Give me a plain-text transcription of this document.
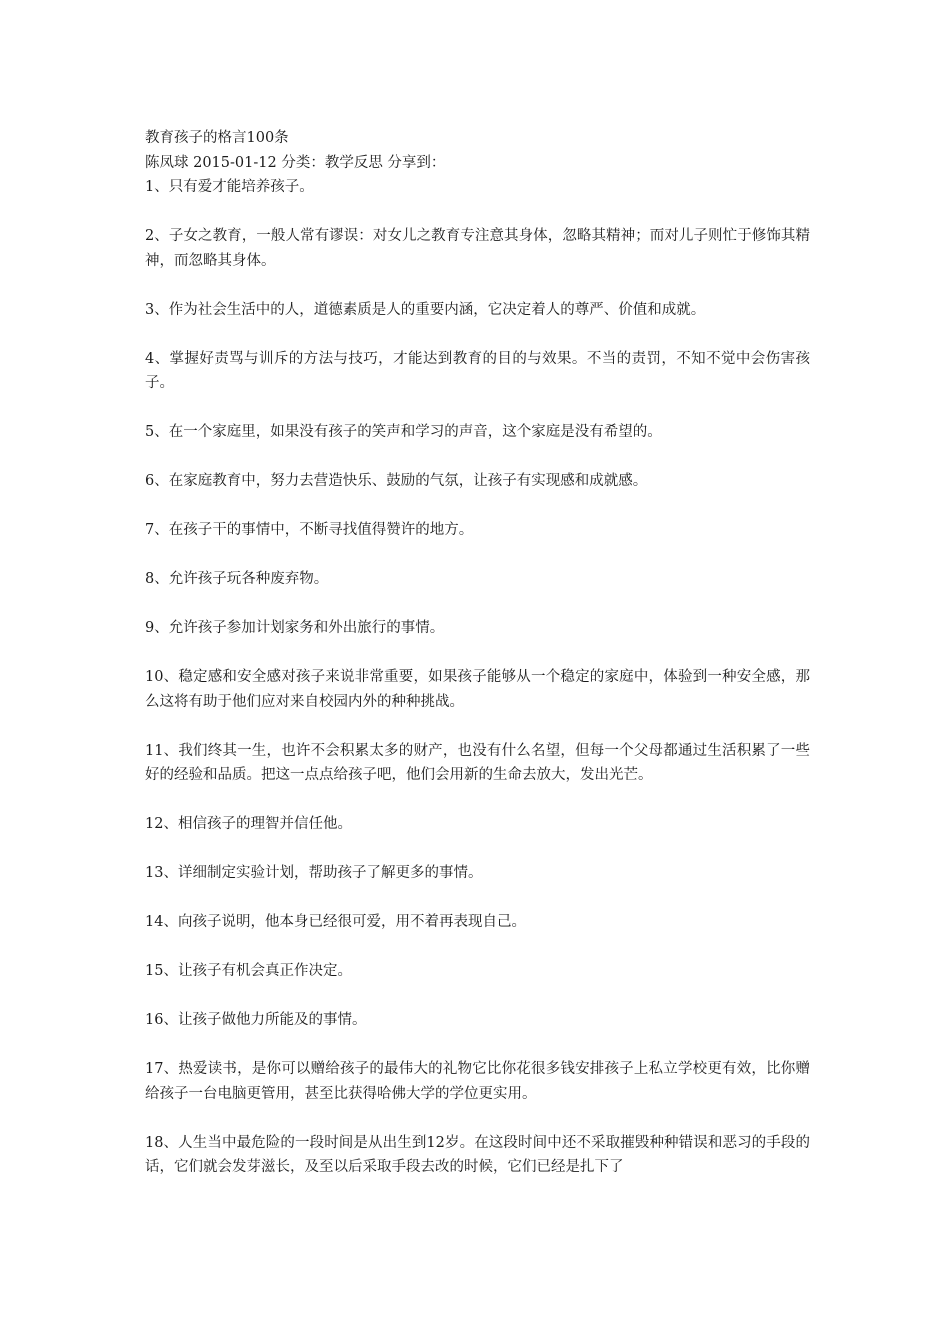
教育孩子的格言100条

陈凤球 2015-01-12 分类：教学反思 分享到：

1、只有爱才能培养孩子。

2、子女之教育，一般人常有谬误：对女儿之教育专注意其身体，忽略其精神；而对儿子则忙于修饰其精神，而忽略其身体。

3、作为社会生活中的人，道德素质是人的重要内涵，它决定着人的尊严、价值和成就。

4、掌握好责骂与训斥的方法与技巧，才能达到教育的目的与效果。不当的责罚，不知不觉中会伤害孩子。

5、在一个家庭里，如果没有孩子的笑声和学习的声音，这个家庭是没有希望的。

6、在家庭教育中，努力去营造快乐、鼓励的气氛，让孩子有实现感和成就感。

7、在孩子干的事情中，不断寻找值得赞许的地方。

8、允许孩子玩各种废弃物。

9、允许孩子参加计划家务和外出旅行的事情。

10、稳定感和安全感对孩子来说非常重要，如果孩子能够从一个稳定的家庭中，体验到一种安全感，那么这将有助于他们应对来自校园内外的种种挑战。

11、我们终其一生，也许不会积累太多的财产，也没有什么名望，但每一个父母都通过生活积累了一些好的经验和品质。把这一点点给孩子吧，他们会用新的生命去放大，发出光芒。

12、相信孩子的理智并信任他。

13、详细制定实验计划，帮助孩子了解更多的事情。

14、向孩子说明，他本身已经很可爱，用不着再表现自己。

15、让孩子有机会真正作决定。

16、让孩子做他力所能及的事情。

17、热爱读书，是你可以赠给孩子的最伟大的礼物它比你花很多钱安排孩子上私立学校更有效，比你赠给孩子一台电脑更管用，甚至比获得哈佛大学的学位更实用。

18、人生当中最危险的一段时间是从出生到12岁。在这段时间中还不采取摧毁种种错误和恶习的手段的话，它们就会发芽滋长，及至以后采取手段去改的时候，它们已经是扎下了
